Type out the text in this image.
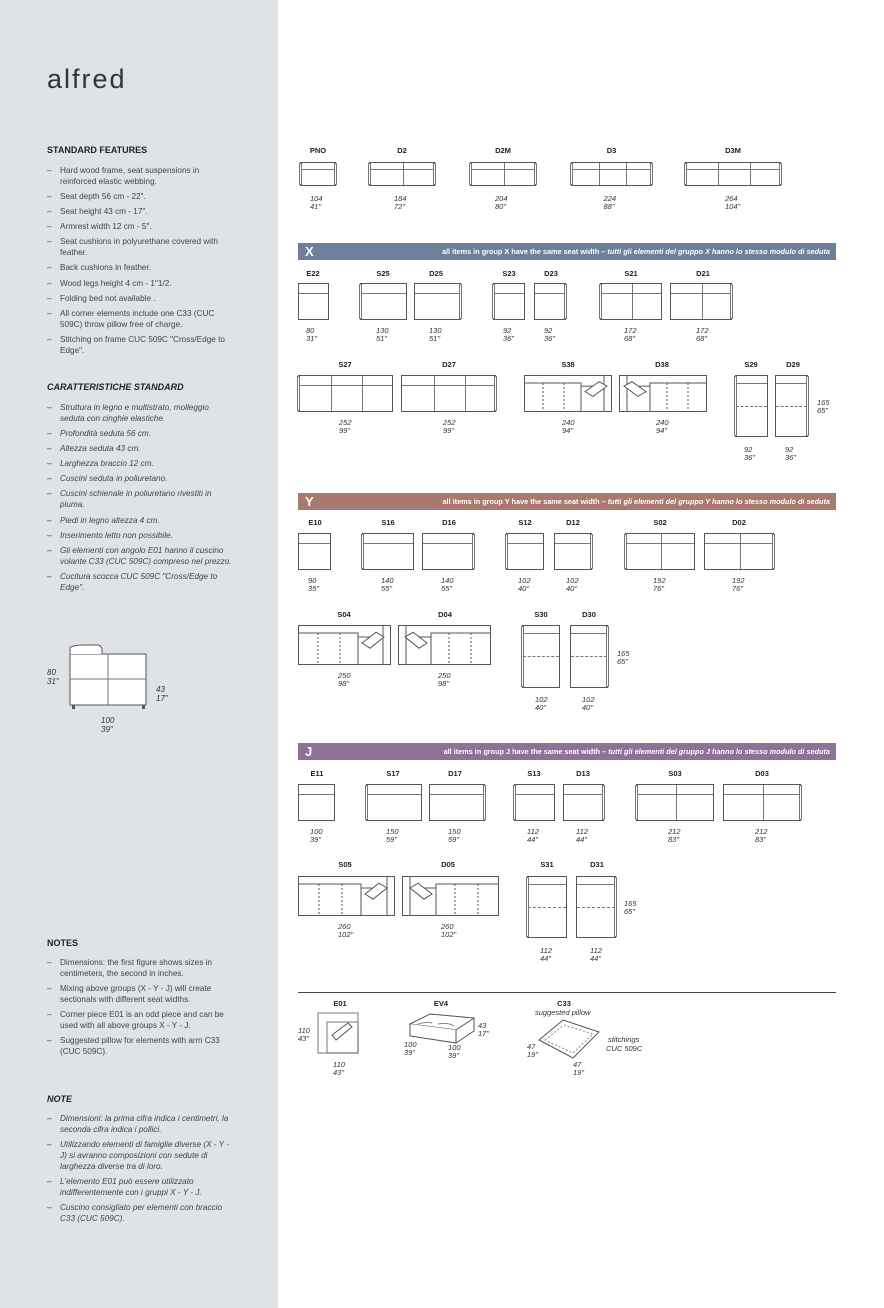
alfred
STANDARD FEATURES
– Hard wood frame, seat suspensions in reinforced elastic webbing.
– Seat depth 56 cm - 22".
– Seat height 43 cm - 17".
– Armrest width 12 cm - 5".
– Seat cushions in polyurethane covered with feather.
– Back cushions in feather.
– Wood legs height 4 cm - 1"1/2.
– Folding bed not available .
– All corner elements include one C33 (CUC 509C) throw pillow free of charge.
– Stitching on frame CUC 509C "Cross/Edge to Edge".
CARATTERISTICHE STANDARD
– Struttura in legno e multistrato, molleggio seduta con cinghie elastiche.
– Profondità seduta 56 cm.
– Altezza seduta 43 cm.
– Larghezza bracciо 12 cm.
– Cuscini seduta in poliuretano.
– Cuscini schienale in poliuretano rivestiti in piuma.
– Piedi in legno altezza 4 cm.
– Inserimento letto non possibile.
– Gli elementi con angolo E01 hanno il cuscino volante C33 (CUC 509C) compreso nel prezzo.
– Cucitura scocca CUC 509C "Cross/Edge to Edge".
80
31"
43
17"
100
39"
NOTES
– Dimensions: the first figure shows sizes in centimeters, the second in inches.
– Mixing above groups (X - Y - J) will create sectionals with different seat widths.
– Corner piece E01 is an odd piece and can be used with all above groups X - Y - J.
– Suggested pillow for elements with arm C33 (CUC 509C).
NOTE
– Dimensioni: la prima cifra indica i centimetri, la seconda cifra indica i pollici.
– Utilizzando elementi di famiglie diverse (X - Y - J) si avranno composizioni con sedute di larghezza diverse tra di loro.
– L'elemento E01 può essere utilizzato indifferentemente con i gruppi X - Y - J.
– Cuscino consigliato per elementi con braccio C33 (CUC 509C).
X	all items in group X have the same seat width – tutti gli elementi del gruppo X hanno lo stesso modulo di seduta
Y	all items in group Y have the same seat width – tutti gli elementi del gruppo Y hanno lo stesso modulo di seduta
J	all items in group J have the same seat width – tutti gli elementi del gruppo J hanno lo stesso modulo di seduta
PNO
104
41"
D2
184
72"
D2M
204
80"
D3
224
88"
D3M
264
104"
E22
80
31"
S25
130
51"
D25
130
51"
S23
92
36"
D23
92
36"
S21
172
68"
D21
172
68"
S27
252
99"
D27
252
99"
S38
240
94"
D38
240
94"
S29
92
36"
D29
92
36"
165
65"
E10
90
35"
S16
140
55"
D16
140
55"
S12
102
40"
D12
102
40"
S02
192
76"
D02
192
76"
S04
250
98"
D04
250
98"
S30
102
40"
D30
102
40"
165
65"
E11
100
39"
S17
150
59"
D17
150
59"
S13
112
44"
D13
112
44"
S03
212
83"
D03
212
83"
S05
260
102"
D05
260
102"
S31
112
44"
D31
112
44"
165
65"
E01
110
43"
110
43"
EV4
43
17"
100
39"
100
39"
C33
suggested pillow
stitchings
CUC 509C
47
19"
47
19"
